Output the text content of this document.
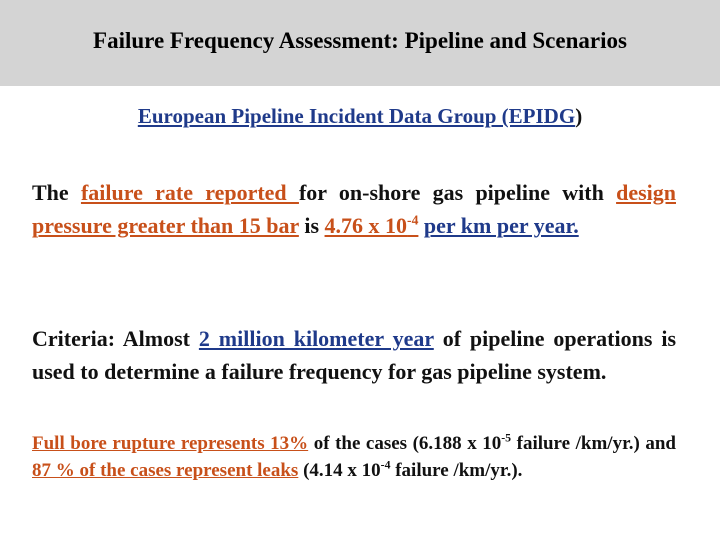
Failure Frequency Assessment: Pipeline and Scenarios
European Pipeline Incident Data Group (EPIDG)
The failure rate reported for on-shore gas pipeline with design pressure greater than 15 bar is 4.76 x $10^{-4}$ per km per year.
Criteria: Almost 2 million kilometer year of pipeline operations is used to determine a failure frequency for gas pipeline system.
Full bore rupture represents 13% of the cases (6.188 x $10^{-5}$ failure /km/yr.) and 87 % of the cases represent leaks (4.14 x $10^{-4}$ failure /km/yr.).
